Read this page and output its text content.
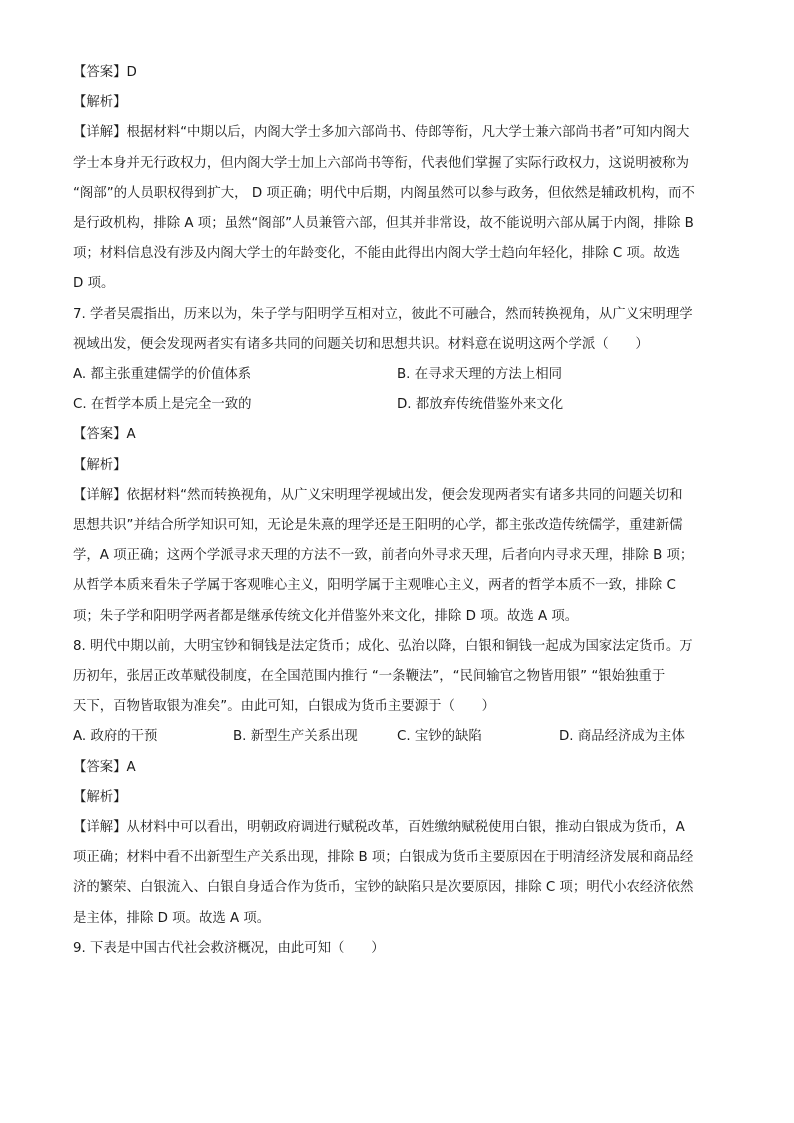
【答案】D

【解析】

【详解】根据材料“中期以后，内阁大学士多加六部尚书、侍郎等衔，凡大学士兼六部尚书者”可知内阁大
学士本身并无行政权力，但内阁大学士加上六部尚书等衔，代表他们掌握了实际行政权力，这说明被称为
“阁部”的人员职权得到扩大， D 项正确；明代中后期，内阁虽然可以参与政务，但依然是辅政机构，而不
是行政机构，排除 A 项；虽然“阁部”人员兼管六部，但其并非常设，故不能说明六部从属于内阁，排除 B
项；材料信息没有涉及内阁大学士的年龄变化，不能由此得出内阁大学士趋向年轻化，排除 C 项。故选
D 项。

7. 学者吴震指出，历来以为，朱子学与阳明学互相对立，彼此不可融合，然而转换视角，从广义宋明理学
视域出发，便会发现两者实有诸多共同的问题关切和思想共识。材料意在说明这两个学派（　　）

A. 都主张重建儒学的价值体系	B. 在寻求天理的方法上相同
C. 在哲学本质上是完全一致的	D. 都放弃传统借鉴外来文化

【答案】A

【解析】

【详解】依据材料“然而转换视角，从广义宋明理学视域出发，便会发现两者实有诸多共同的问题关切和
思想共识”并结合所学知识可知，无论是朱熹的理学还是王阳明的心学，都主张改造传统儒学，重建新儒
学，A 项正确；这两个学派寻求天理的方法不一致，前者向外寻求天理，后者向内寻求天理，排除 B 项；
从哲学本质来看朱子学属于客观唯心主义，阳明学属于主观唯心主义，两者的哲学本质不一致，排除 C
项；朱子学和阳明学两者都是继承传统文化并借鉴外来文化，排除 D 项。故选 A 项。

8. 明代中期以前，大明宝钞和铜钱是法定货币；成化、弘治以降，白银和铜钱一起成为国家法定货币。万
历初年，张居正改革赋役制度，在全国范围内推行 “一条鞭法”，“民间输官之物皆用银” “银始独重于
天下，百物皆取银为准矣”。由此可知，白银成为货币主要源于（　　）

A. 政府的干预	B. 新型生产关系出现	C. 宝钞的缺陷	D. 商品经济成为主体

【答案】A

【解析】

【详解】从材料中可以看出，明朝政府调进行赋税改革，百姓缴纳赋税使用白银，推动白银成为货币，A
项正确；材料中看不出新型生产关系出现，排除 B 项；白银成为货币主要原因在于明清经济发展和商品经
济的繁荣、白银流入、白银自身适合作为货币，宝钞的缺陷只是次要原因，排除 C 项；明代小农经济依然
是主体，排除 D 项。故选 A 项。

9. 下表是中国古代社会救济概况，由此可知（　　）
